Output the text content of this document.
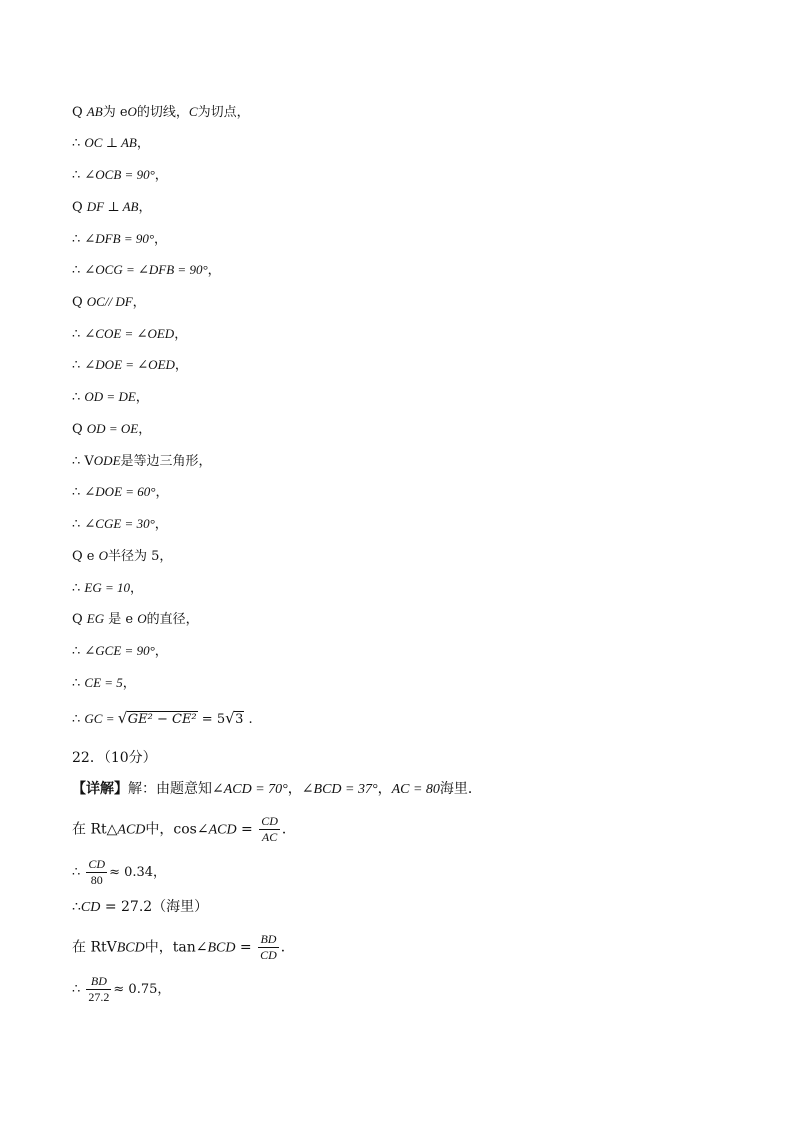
Q AB为 eO的切线，C为切点，
∴ OC ⊥ AB，
∴ ∠OCB = 90°，
Q DF ⊥ AB，
∴ ∠DFB = 90°，
∴ ∠OCG = ∠DFB = 90°，
Q OC// DF，
∴ ∠COE = ∠OED，
∴ ∠DOE = ∠OED，
∴ OD = DE，
Q OD = OE，
∴ VODE是等边三角形，
∴ ∠DOE = 60°，
∴ ∠CGE = 30°，
Q e O半径为 5，
∴ EG = 10，
Q EG 是 e O的直径，
∴ ∠GCE = 90°，
∴ CE = 5，
∴ GC = √ GE² − CE² = 5 √ 3 .
22．（10分）
【详解】解：由题意知∠ACD = 70°，∠BCD = 37°，AC = 80海里．
在 Rt△ACD中，cos∠ACD = $\frac{CD}{AC}$ ．
∴ $\frac{CD}{80} \approx 0.34$，
∴CD = 27.2（海里）
在 RtVBCD中，tan∠BCD = $\frac{BD}{CD}$ ．
∴ $\frac{BD}{27.2} \approx 0.75$，
